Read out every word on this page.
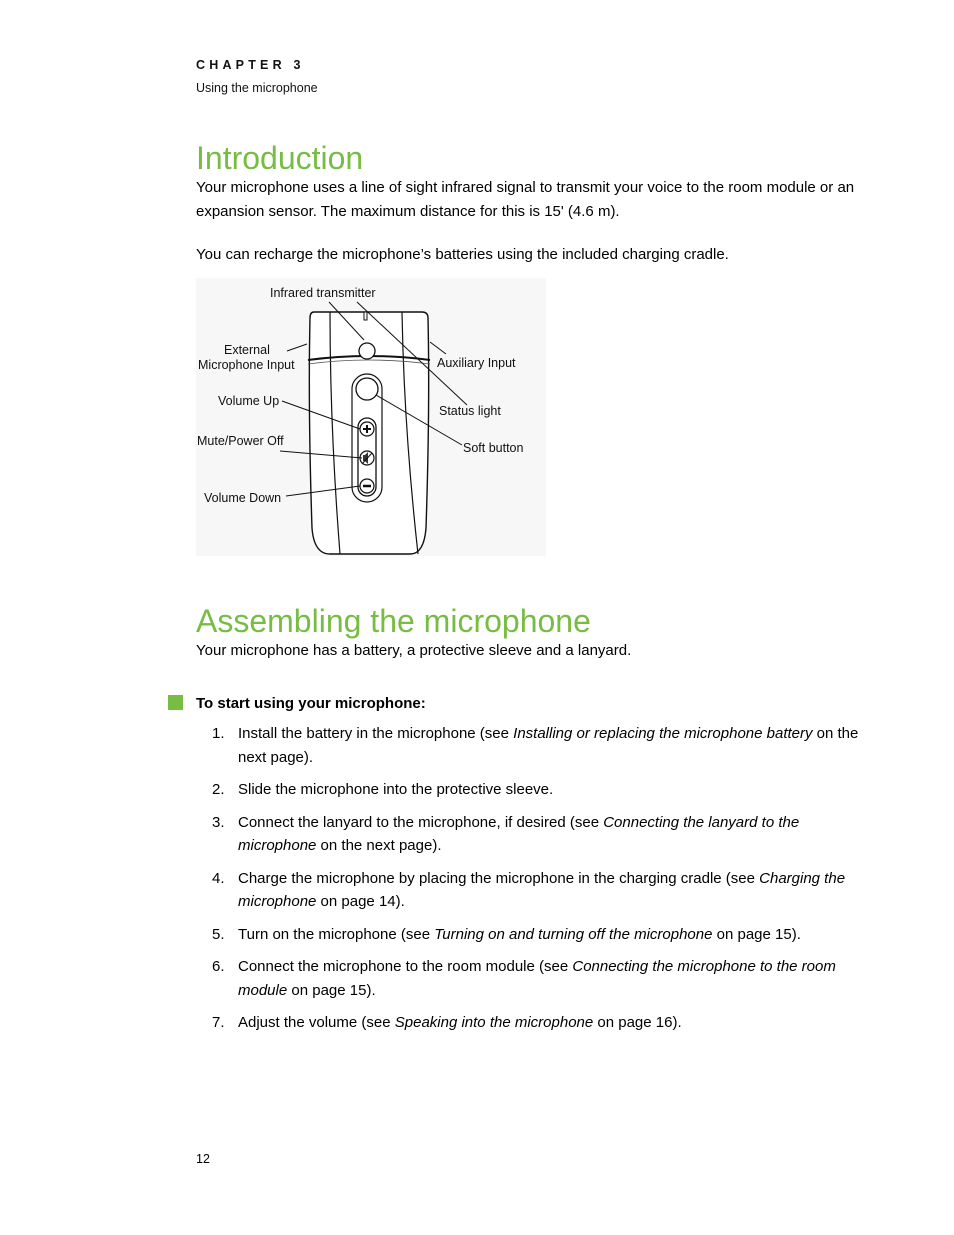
CHAPTER 3
Using the microphone
Introduction
Your microphone uses a line of sight infrared signal to transmit your voice to the room module or an expansion sensor. The maximum distance for this is 15' (4.6 m).
You can recharge the microphone’s batteries using the included charging cradle.
Infrared transmitter
External
Microphone Input	Auxiliary Input
Volume Up
Status light
Mute/Power Off	Soft button
Volume Down
Assembling the microphone
Your microphone has a battery, a protective sleeve and a lanyard.
To start using your microphone:
1. Install the battery in the microphone (see Installing or replacing the microphone battery on the next page).
2. Slide the microphone into the protective sleeve.
3. Connect the lanyard to the microphone, if desired (see Connecting the lanyard to the microphone on the next page).
4. Charge the microphone by placing the microphone in the charging cradle (see Charging the microphone on page 14).
5. Turn on the microphone (see Turning on and turning off the microphone on page 15).
6. Connect the microphone to the room module (see Connecting the microphone to the room module on page 15).
7. Adjust the volume (see Speaking into the microphone on page 16).
12
